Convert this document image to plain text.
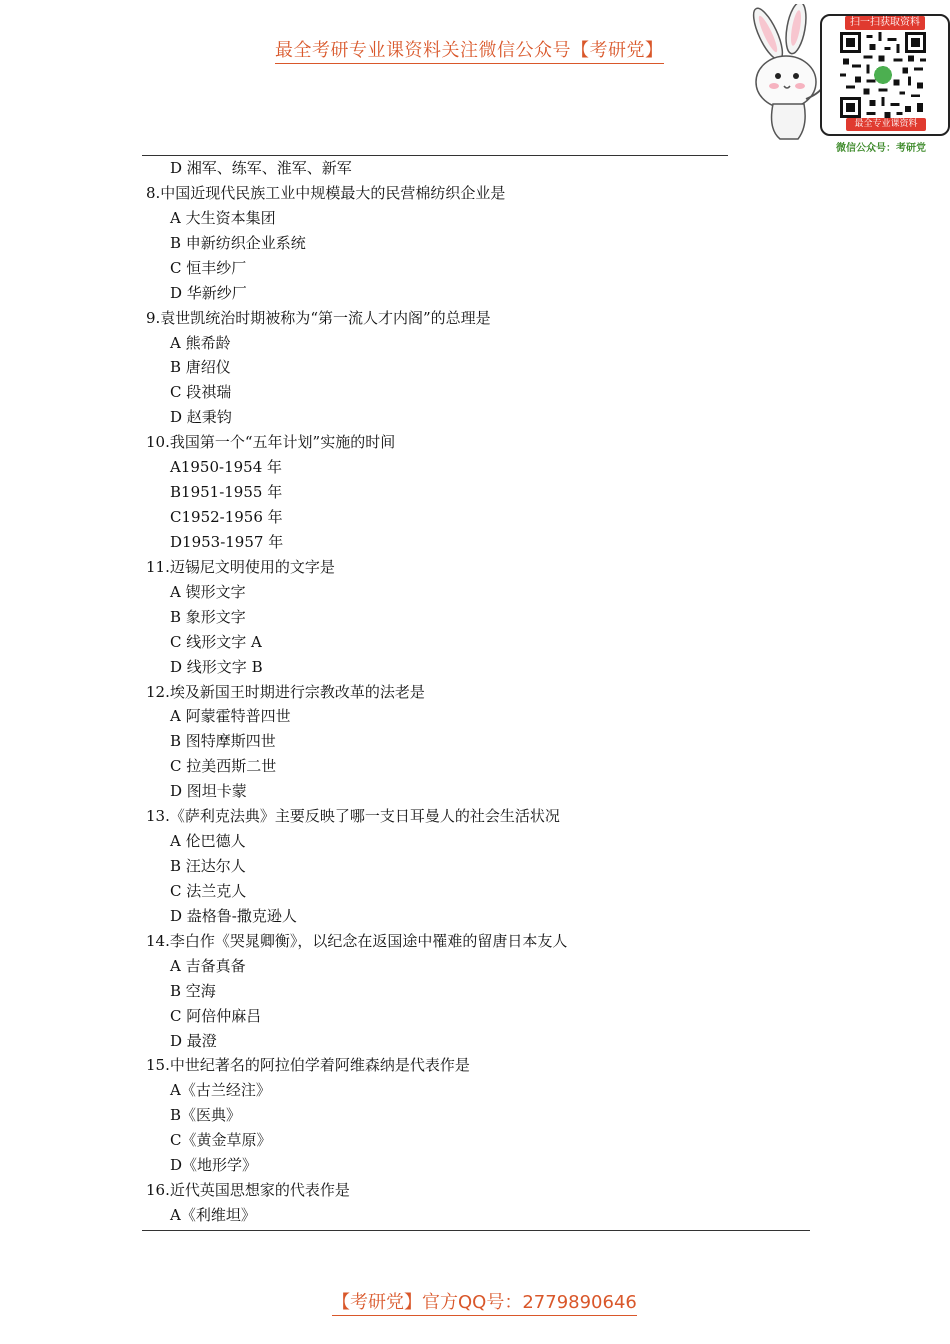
最全考研专业课资料关注微信公众号【考研党】
扫一扫获取资料
最全专业课资料
微信公众号：考研党
D 湘军、练军、淮军、新军
8.中国近现代民族工业中规模最大的民营棉纺织企业是
A 大生资本集团
B 申新纺织企业系统
C 恒丰纱厂
D 华新纱厂
9.袁世凯统治时期被称为“第一流人才内阁”的总理是
A 熊希龄
B 唐绍仪
C 段祺瑞
D 赵秉钧
10.我国第一个“五年计划”实施的时间
A1950-1954 年
B1951-1955 年
C1952-1956 年
D1953-1957 年
11.迈锡尼文明使用的文字是
A 锲形文字
B 象形文字
C 线形文字 A
D 线形文字 B
12.埃及新国王时期进行宗教改革的法老是
A 阿蒙霍特普四世
B 图特摩斯四世
C 拉美西斯二世
D 图坦卡蒙
13.《萨利克法典》主要反映了哪一支日耳曼人的社会生活状况
A 伦巴德人
B 汪达尔人
C 法兰克人
D 盎格鲁-撒克逊人
14.李白作《哭晁卿衡》，以纪念在返国途中罹难的留唐日本友人
A 吉备真备
B 空海
C 阿倍仲麻吕
D 最澄
15.中世纪著名的阿拉伯学着阿维森纳是代表作是
A《古兰经注》
B《医典》
C《黄金草原》
D《地形学》
16.近代英国思想家的代表作是
A《利维坦》
【考研党】官方QQ号：2779890646
